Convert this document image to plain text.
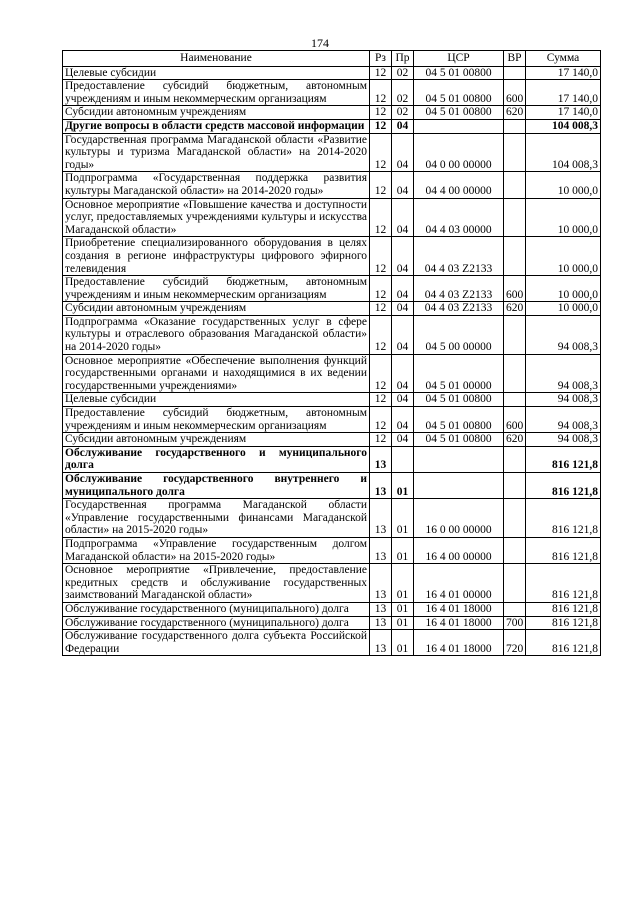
174
Наименование	Рз	Пр	ЦСР	ВР	Сумма
Целевые субсидии	12	02	04 5 01 00800		17 140,0
Предоставление субсидий бюджетным, автономным учреждениям и иным некоммерческим организациям	12	02	04 5 01 00800	600	17 140,0
Субсидии автономным учреждениям	12	02	04 5 01 00800	620	17 140,0
Другие вопросы в области средств массовой информации	12	04			104 008,3
Государственная программа Магаданской области «Развитие культуры и туризма Магаданской области» на 2014-2020 годы»	12	04	04 0 00 00000		104 008,3
Подпрограмма «Государственная поддержка развития культуры Магаданской области» на 2014-2020 годы»	12	04	04 4 00 00000		10 000,0
Основное мероприятие «Повышение качества и доступности услуг, предоставляемых учреждениями культуры и искусства Магаданской области»	12	04	04 4 03 00000		10 000,0
Приобретение специализированного оборудования в целях создания в регионе инфраструктуры цифрового эфирного телевидения	12	04	04 4 03 Z2133		10 000,0
Предоставление субсидий бюджетным, автономным учреждениям и иным некоммерческим организациям	12	04	04 4 03 Z2133	600	10 000,0
Субсидии автономным учреждениям	12	04	04 4 03 Z2133	620	10 000,0
Подпрограмма «Оказание государственных услуг в сфере культуры и отраслевого образования Магаданской области» на 2014-2020 годы»	12	04	04 5 00 00000		94 008,3
Основное мероприятие «Обеспечение выполнения функций государственными органами и находящимися в их ведении государственными учреждениями»	12	04	04 5 01 00000		94 008,3
Целевые субсидии	12	04	04 5 01 00800		94 008,3
Предоставление субсидий бюджетным, автономным учреждениям и иным некоммерческим организациям	12	04	04 5 01 00800	600	94 008,3
Субсидии автономным учреждениям	12	04	04 5 01 00800	620	94 008,3
Обслуживание государственного и муниципального долга	13				816 121,8
Обслуживание государственного внутреннего и муниципального долга	13	01			816 121,8
Государственная программа Магаданской области «Управление государственными финансами Магаданской области» на 2015-2020 годы»	13	01	16 0 00 00000		816 121,8
Подпрограмма «Управление государственным долгом Магаданской области» на 2015-2020 годы»	13	01	16 4 00 00000		816 121,8
Основное мероприятие «Привлечение, предоставление кредитных средств и обслуживание государственных заимствований Магаданской области»	13	01	16 4 01 00000		816 121,8
Обслуживание государственного (муниципального) долга	13	01	16 4 01 18000		816 121,8
Обслуживание государственного (муниципального) долга	13	01	16 4 01 18000	700	816 121,8
Обслуживание государственного долга субъекта Российской Федерации	13	01	16 4 01 18000	720	816 121,8
